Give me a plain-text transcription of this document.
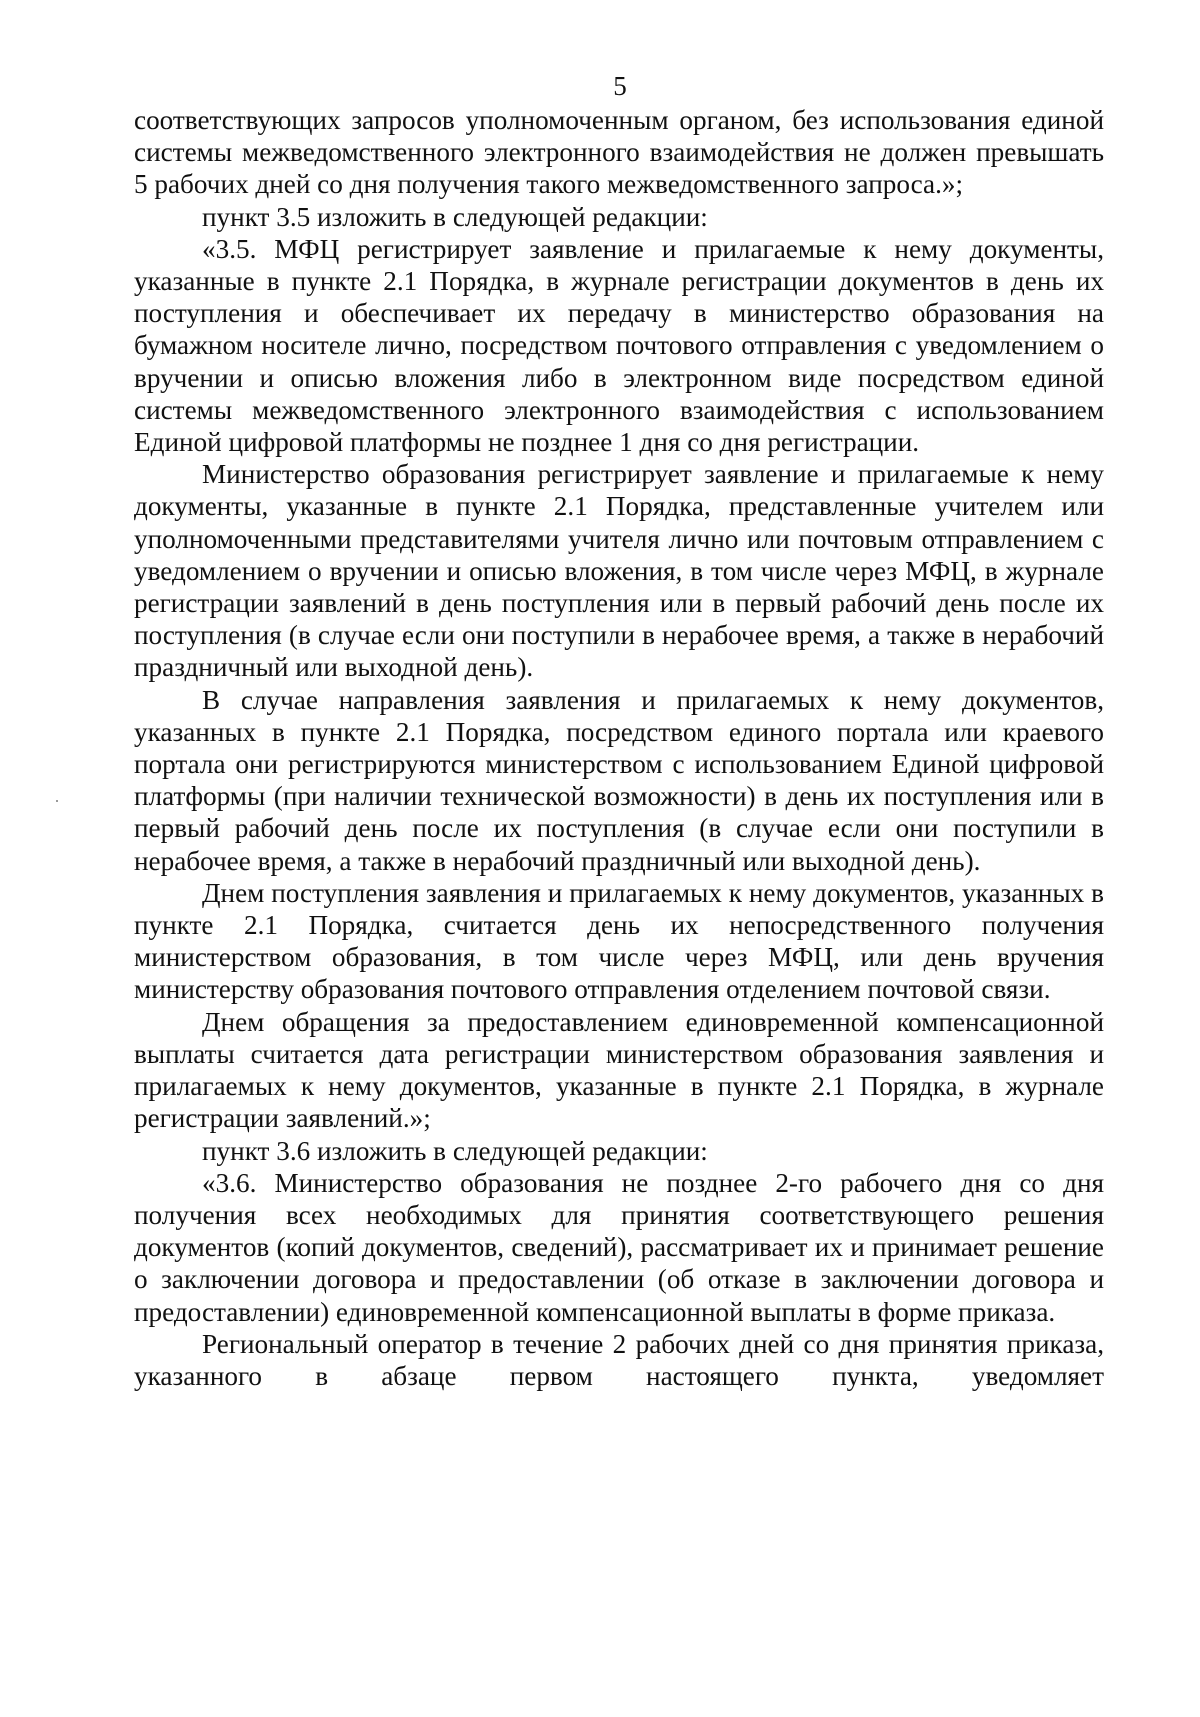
5

соответствующих запросов уполномоченным органом, без использования единой системы межведомственного электронного взаимодействия не должен превышать 5 рабочих дней со дня получения такого межведомственного запроса.»;

пункт 3.5 изложить в следующей редакции:

«3.5. МФЦ регистрирует заявление и прилагаемые к нему документы, указанные в пункте 2.1 Порядка, в журнале регистрации документов в день их поступления и обеспечивает их передачу в министерство образования на бумажном носителе лично, посредством почтового отправления с уведомлением о вручении и описью вложения либо в электронном виде посредством единой системы межведомственного электронного взаимодействия с использованием Единой цифровой платформы не позднее 1 дня со дня регистрации.

Министерство образования регистрирует заявление и прилагаемые к нему документы, указанные в пункте 2.1 Порядка, представленные учителем или уполномоченными представителями учителя лично или почтовым отправлением с уведомлением о вручении и описью вложения, в том числе через МФЦ, в журнале регистрации заявлений в день поступления или в первый рабочий день после их поступления (в случае если они поступили в нерабочее время, а также в нерабочий праздничный или выходной день).

В случае направления заявления и прилагаемых к нему документов, указанных в пункте 2.1 Порядка, посредством единого портала или краевого портала они регистрируются министерством с использованием Единой цифровой платформы (при наличии технической возможности) в день их поступления или в первый рабочий день после их поступления (в случае если они поступили в нерабочее время, а также в нерабочий праздничный или выходной день).

Днем поступления заявления и прилагаемых к нему документов, указанных в пункте 2.1 Порядка, считается день их непосредственного получения министерством образования, в том числе через МФЦ, или день вручения министерству образования почтового отправления отделением почтовой связи.

Днем обращения за предоставлением единовременной компенсационной выплаты считается дата регистрации министерством образования заявления и прилагаемых к нему документов, указанные в пункте 2.1 Порядка, в журнале регистрации заявлений.»;

пункт 3.6 изложить в следующей редакции:

«3.6. Министерство образования не позднее 2-го рабочего дня со дня получения всех необходимых для принятия соответствующего решения документов (копий документов, сведений), рассматривает их и принимает решение о заключении договора и предоставлении (об отказе в заключении договора и предоставлении) единовременной компенсационной выплаты в форме приказа.

Региональный оператор в течение 2 рабочих дней со дня принятия приказа, указанного в абзаце первом настоящего пункта, уведомляет
